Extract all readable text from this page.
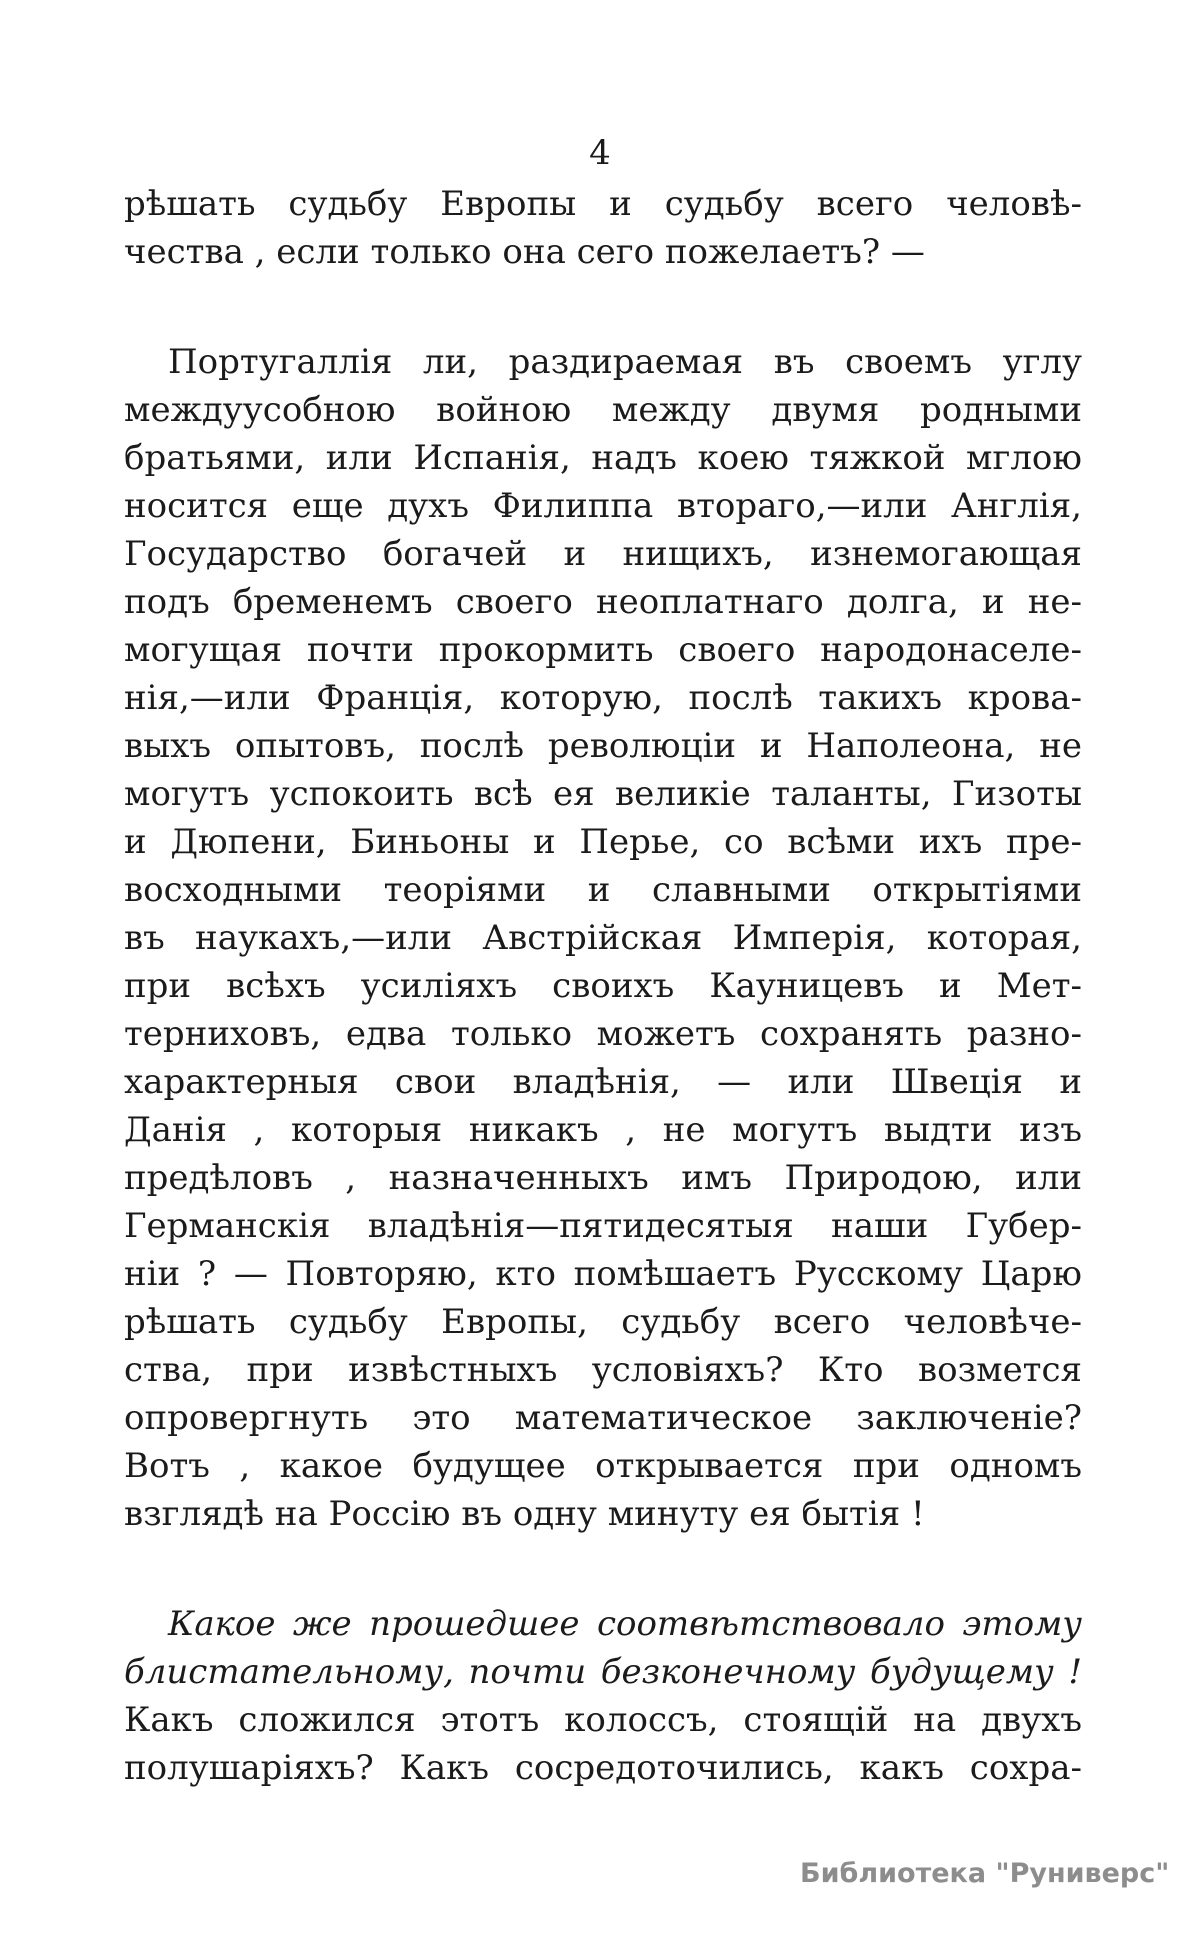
4
рѣшать судьбу Европы и судьбу всего человѣ-
чества , если только она сего пожелаетъ? —
Португаллія ли, раздираемая въ своемъ углу
междуусобною войною между двумя родными
братьями, или Испанія, надъ коею тяжкой мглою
носится еще духъ Филиппа втораго,—или Англія,
Государство богачей и нищихъ, изнемогающая
подъ бременемъ своего неоплатнаго долга, и не-
могущая почти прокормить своего народонаселе-
нія,—или Франція, которую, послѣ такихъ крова-
выхъ опытовъ, послѣ революціи и Наполеона, не
могутъ успокоить всѣ ея великіе таланты, Гизоты
и Дюпени, Биньоны и Перье, со всѣми ихъ пре-
восходными теоріями и славными открытіями
въ наукахъ,—или Австрійская Имперія, которая,
при всѣхъ усиліяхъ своихъ Кауницевъ и Мет-
терниховъ, едва только можетъ сохранять разно-
характерныя свои владѣнія, — или Швеція и
Данія , которыя никакъ , не могутъ выдти изъ
предѣловъ , назначенныхъ имъ Природою, или
Германскія владѣнія—пятидесятыя наши Губер-
ніи ? — Повторяю, кто помѣшаетъ Русскому Царю
рѣшать судьбу Европы, судьбу всего человѣче-
ства, при извѣстныхъ условіяхъ? Кто возмется
опровергнуть это математическое заключеніе?
Вотъ , какое будущее открывается при одномъ
взглядѣ на Россію въ одну минуту ея бытія !
Какое же прошедшее соотвѣтствовало этому
блистательному, почти безконечному будущему !
Какъ сложился этотъ колоссъ, стоящій на двухъ
полушаріяхъ? Какъ сосредоточились, какъ сохра-
Библиотека "Руниверс"
